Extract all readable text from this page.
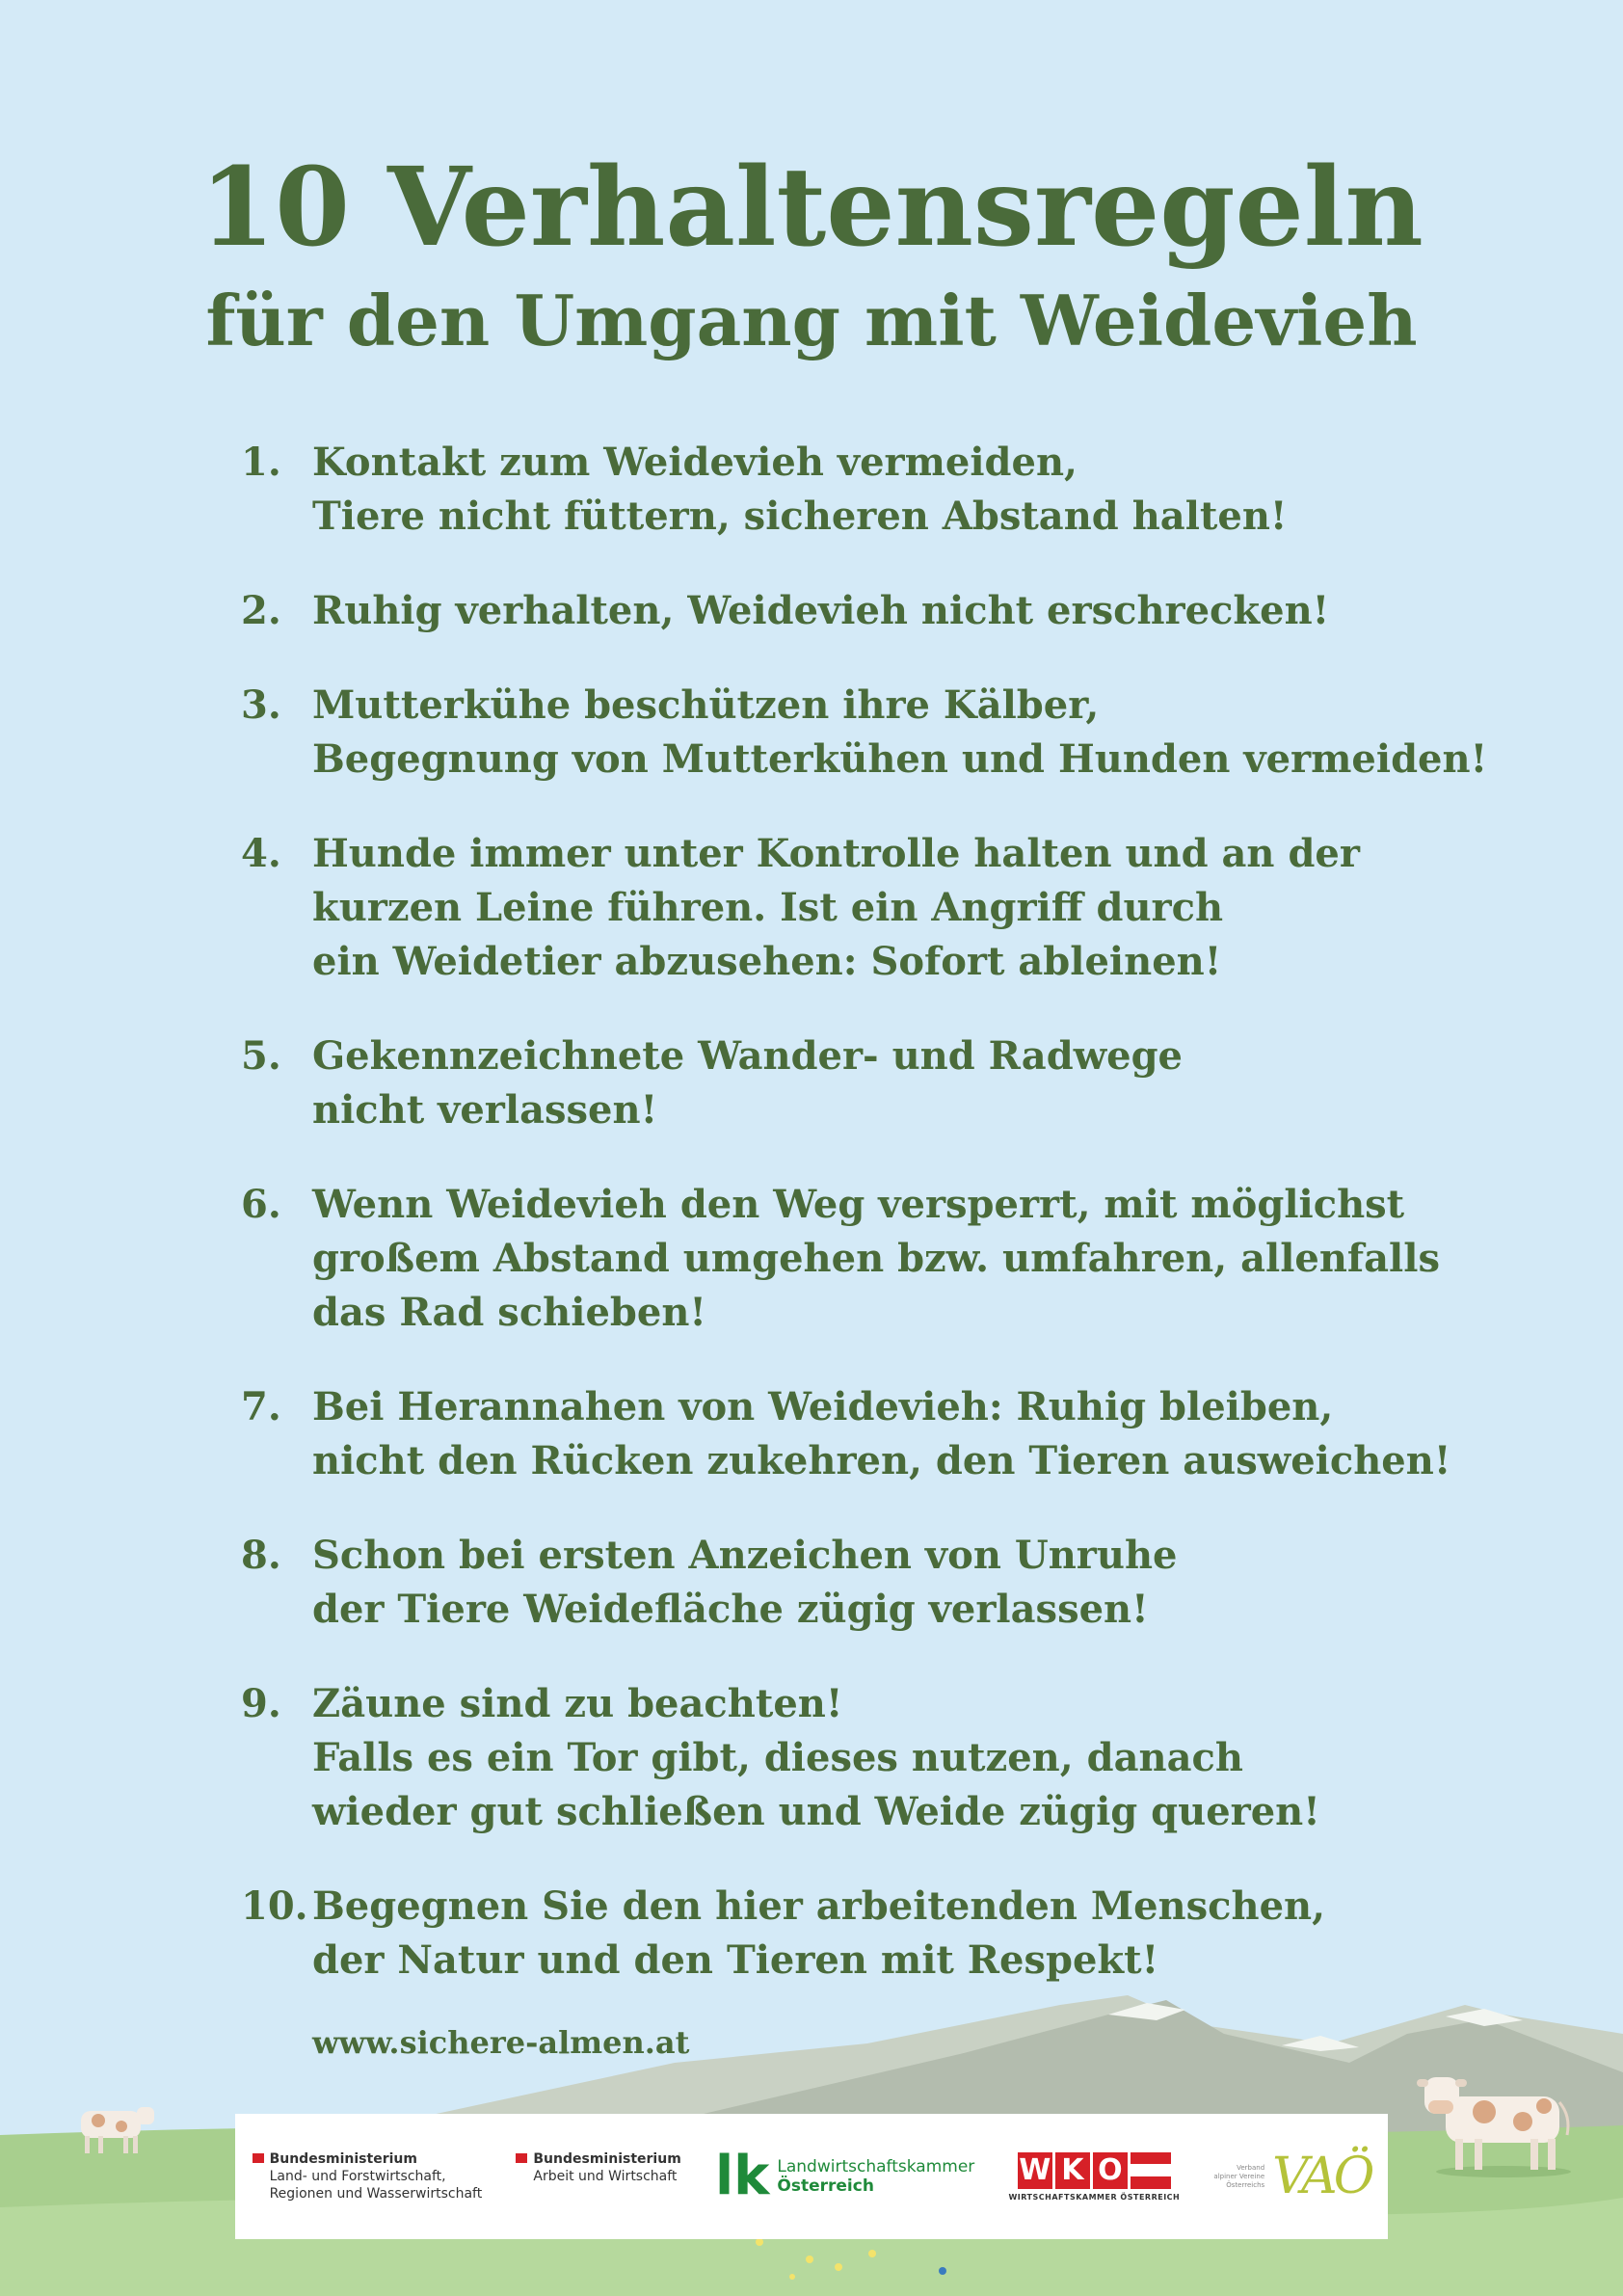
10 Verhaltensregeln
für den Umgang mit Weidevieh
1. Kontakt zum Weidevieh vermeiden,
Tiere nicht füttern, sicheren Abstand halten!
2. Ruhig verhalten, Weidevieh nicht erschrecken!
3. Mutterkühe beschützen ihre Kälber,
Begegnung von Mutterkühen und Hunden vermeiden!
4. Hunde immer unter Kontrolle halten und an der
kurzen Leine führen. Ist ein Angriff durch
ein Weidetier abzusehen: Sofort ableinen!
5. Gekennzeichnete Wander- und Radwege
nicht verlassen!
6. Wenn Weidevieh den Weg versperrt, mit möglichst
großem Abstand umgehen bzw. umfahren, allenfalls
das Rad schieben!
7. Bei Herannahen von Weidevieh: Ruhig bleiben,
nicht den Rücken zukehren, den Tieren ausweichen!
8. Schon bei ersten Anzeichen von Unruhe
der Tiere Weidefläche zügig verlassen!
9. Zäune sind zu beachten!
Falls es ein Tor gibt, dieses nutzen, danach
wieder gut schließen und Weide zügig queren!
10. Begegnen Sie den hier arbeitenden Menschen,
der Natur und den Tieren mit Respekt!
www.sichere-almen.at
Bundesministerium
Land- und Forstwirtschaft,
Regionen und Wasserwirtschaft
Bundesministerium
Arbeit und Wirtschaft
lk Landwirtschaftskammer
Österreich	W K O
WIRTSCHAFTSKAMMER ÖSTERREICH
Verband
alpiner Vereine
Österreichs VAÖ
